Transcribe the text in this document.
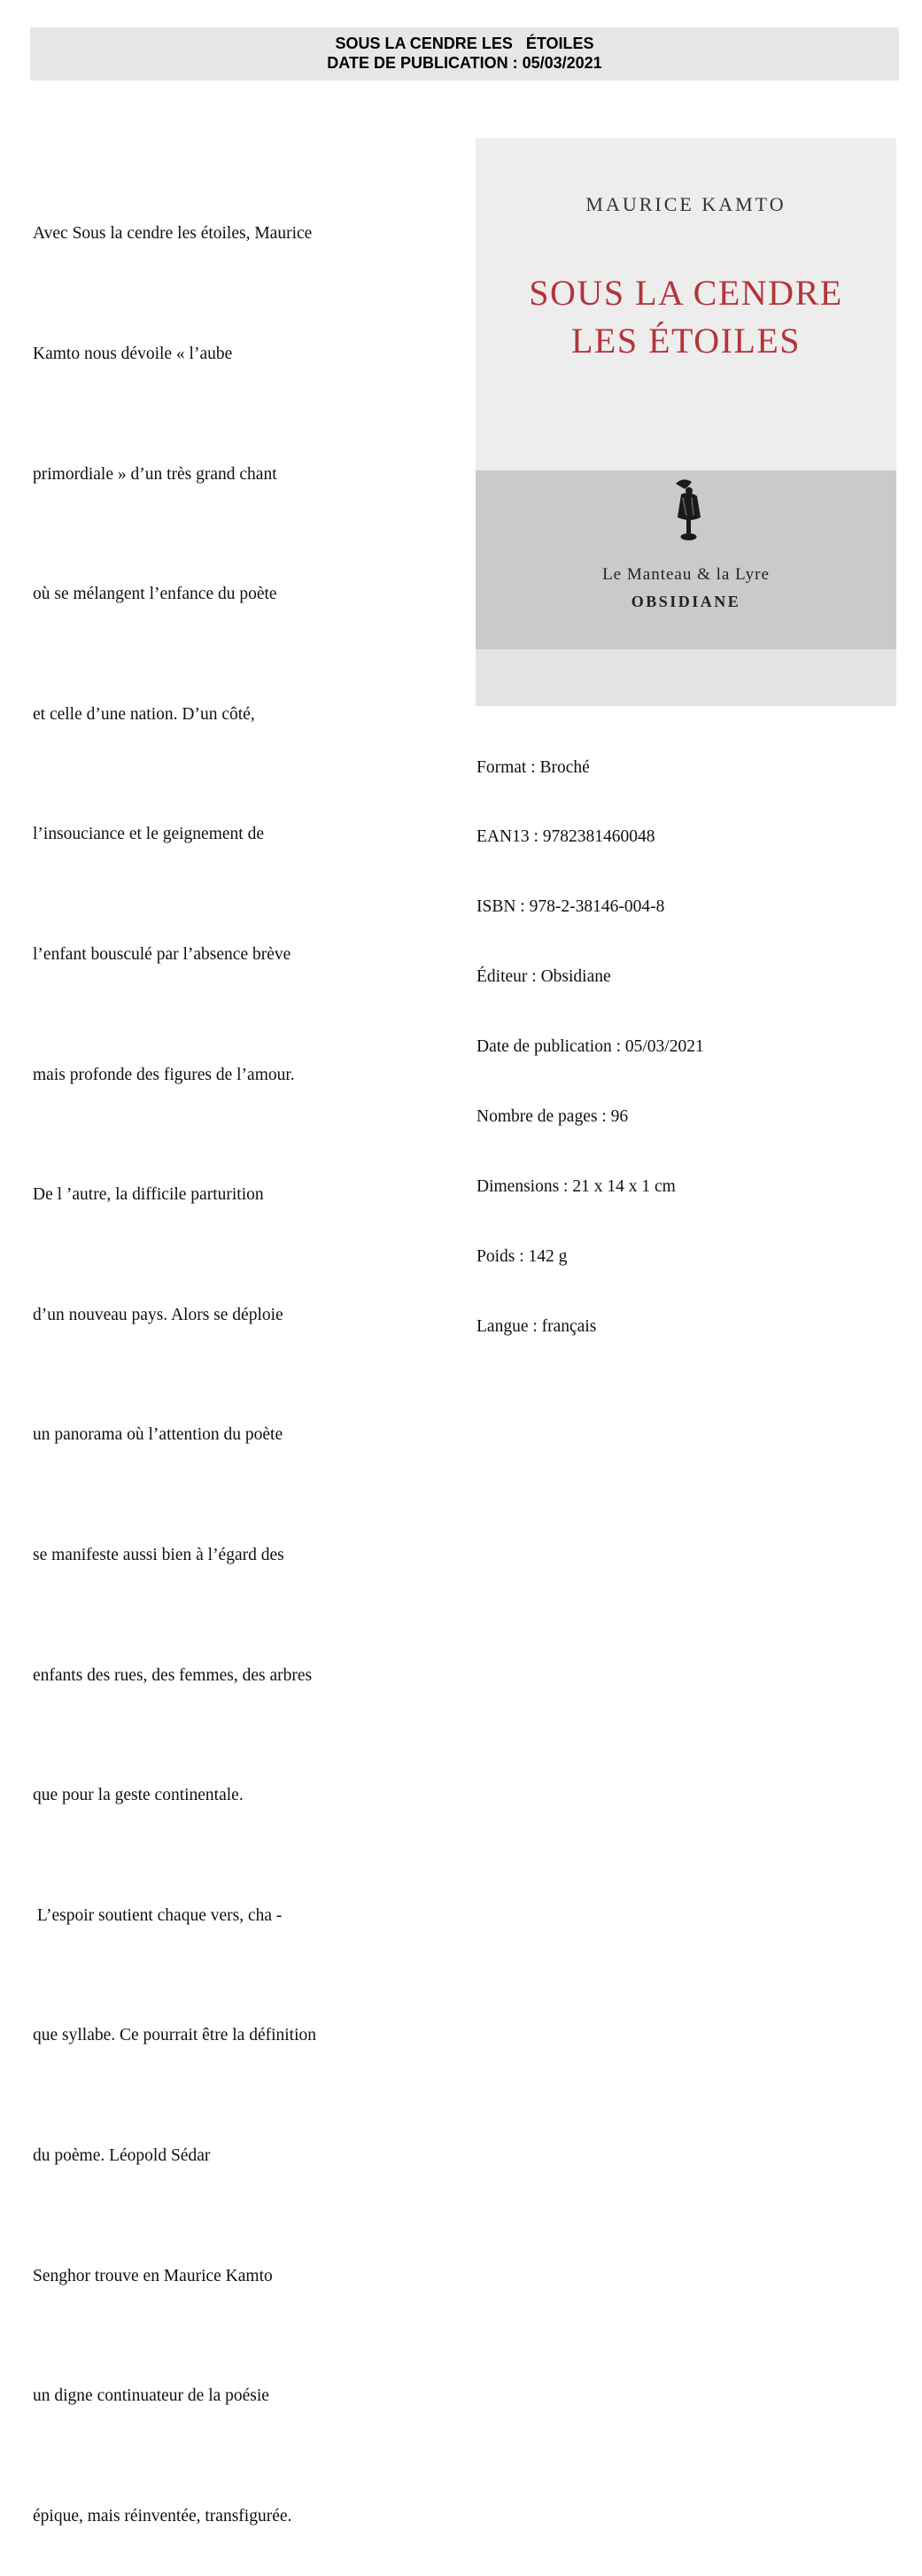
SOUS LA CENDRE LES   ÉTOILES
DATE DE PUBLICATION : 05/03/2021

Avec Sous la cendre les étoiles, Maurice

Kamto nous dévoile « l’aube

primordiale » d’un très grand chant

où se mélangent l’enfance du poète

et celle d’une nation. D’un côté,

l’insouciance et le geignement de

l’enfant bousculé par l’absence brève

mais profonde des figures de l’amour.

De l ’autre, la difficile parturition

d’un nouveau pays. Alors se déploie

un panorama où l’attention du poète

se manifeste aussi bien à l’égard des

enfants des rues, des femmes, des arbres

que pour la geste continentale.

L’espoir soutient chaque vers, cha -

que syllabe. Ce pourrait être la définition

du poème. Léopold Sédar

Senghor trouve en Maurice Kamto

un digne continuateur de la poésie

épique, mais réinventée, transfigurée.

MAURICE KAMTO
SOUS LA CENDRE
LES ÉTOILES
Le Manteau & la Lyre
OBSIDIANE

Format : Broché

EAN13 : 9782381460048

ISBN : 978-2-38146-004-8

Éditeur : Obsidiane

Date de publication : 05/03/2021

Nombre de pages : 96

Dimensions : 21 x 14 x 1 cm

Poids : 142 g

Langue : français
